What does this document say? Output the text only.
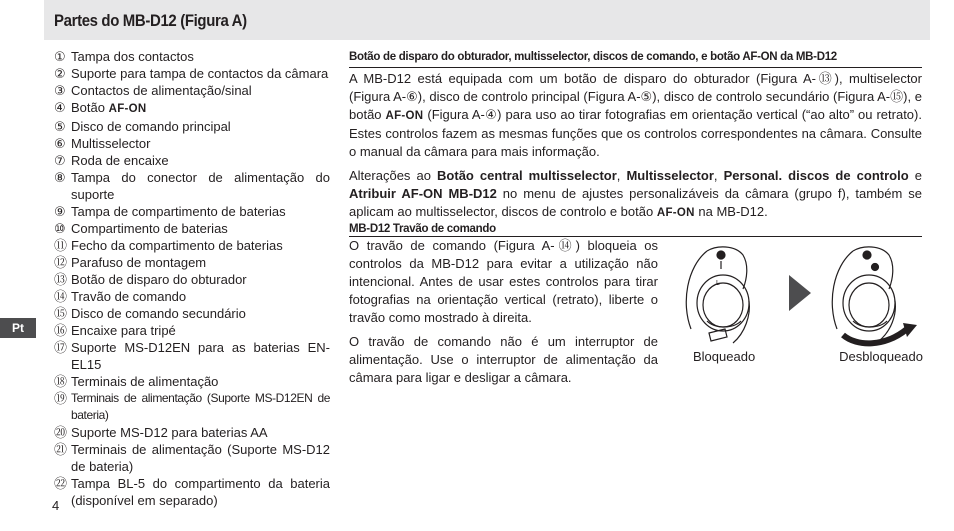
Partes do MB-D12 (Figura A)
Pt
① Tampa dos contactos
② Suporte para tampa de contactos da câmara
③ Contactos de alimentação/sinal
④ Botão AF-ON
⑤ Disco de comando principal
⑥ Multisselector
⑦ Roda de encaixe
⑧ Tampa do conector de alimentação do suporte
⑨ Tampa de compartimento de baterias
⑩ Compartimento de baterias
⑪ Fecho da compartimento de baterias
⑫ Parafuso de montagem
⑬ Botão de disparo do obturador
⑭ Travão de comando
⑮ Disco de comando secundário
⑯ Encaixe para tripé
⑰ Suporte MS-D12EN para as baterias EN-EL15
⑱ Terminais de alimentação
⑲ Terminais de alimentação (Suporte MS-D12EN de bateria)
⑳ Suporte MS-D12 para baterias AA
㉑ Terminais de alimentação (Suporte MS-D12 de bateria)
㉒ Tampa BL-5 do compartimento da bateria (disponível em separado)
Botão de disparo do obturador, multisselector, discos de comando, e botão AF-ON da MB-D12

A MB-D12 está equipada com um botão de disparo do obturador (Figura A-⑬), multiselector (Figura A-⑥), disco de controlo principal (Figura A-⑤), disco de controlo secundário (Figura A-⑮), e botão AF-ON (Figura A-④) para uso ao tirar fotografias em orientação vertical (“ao alto” ou retrato). Estes controlos fazem as mesmas funções que os controlos correspondentes na câmara. Consulte o manual da câmara para mais informação.

Alterações ao Botão central multisselector, Multisselector, Personal. discos de controlo e Atribuir AF-ON MB-D12 no menu de ajustes personalizáveis da câmara (grupo f), também se aplicam ao multisselector, discos de controlo e botão AF-ON na MB-D12.

MB-D12 Travão de comando

O travão de comando (Figura A-⑭) bloqueia os controlos da MB-D12 para evitar a utilização não intencional. Antes de usar estes controlos para tirar fotografias na orientação vertical (retrato), liberte o travão como mostrado à direita.

O travão de comando não é um interruptor de alimentação. Use o interruptor de alimentação da câmara para ligar e desligar a câmara.

L
Bloqueado	Desbloqueado
4
